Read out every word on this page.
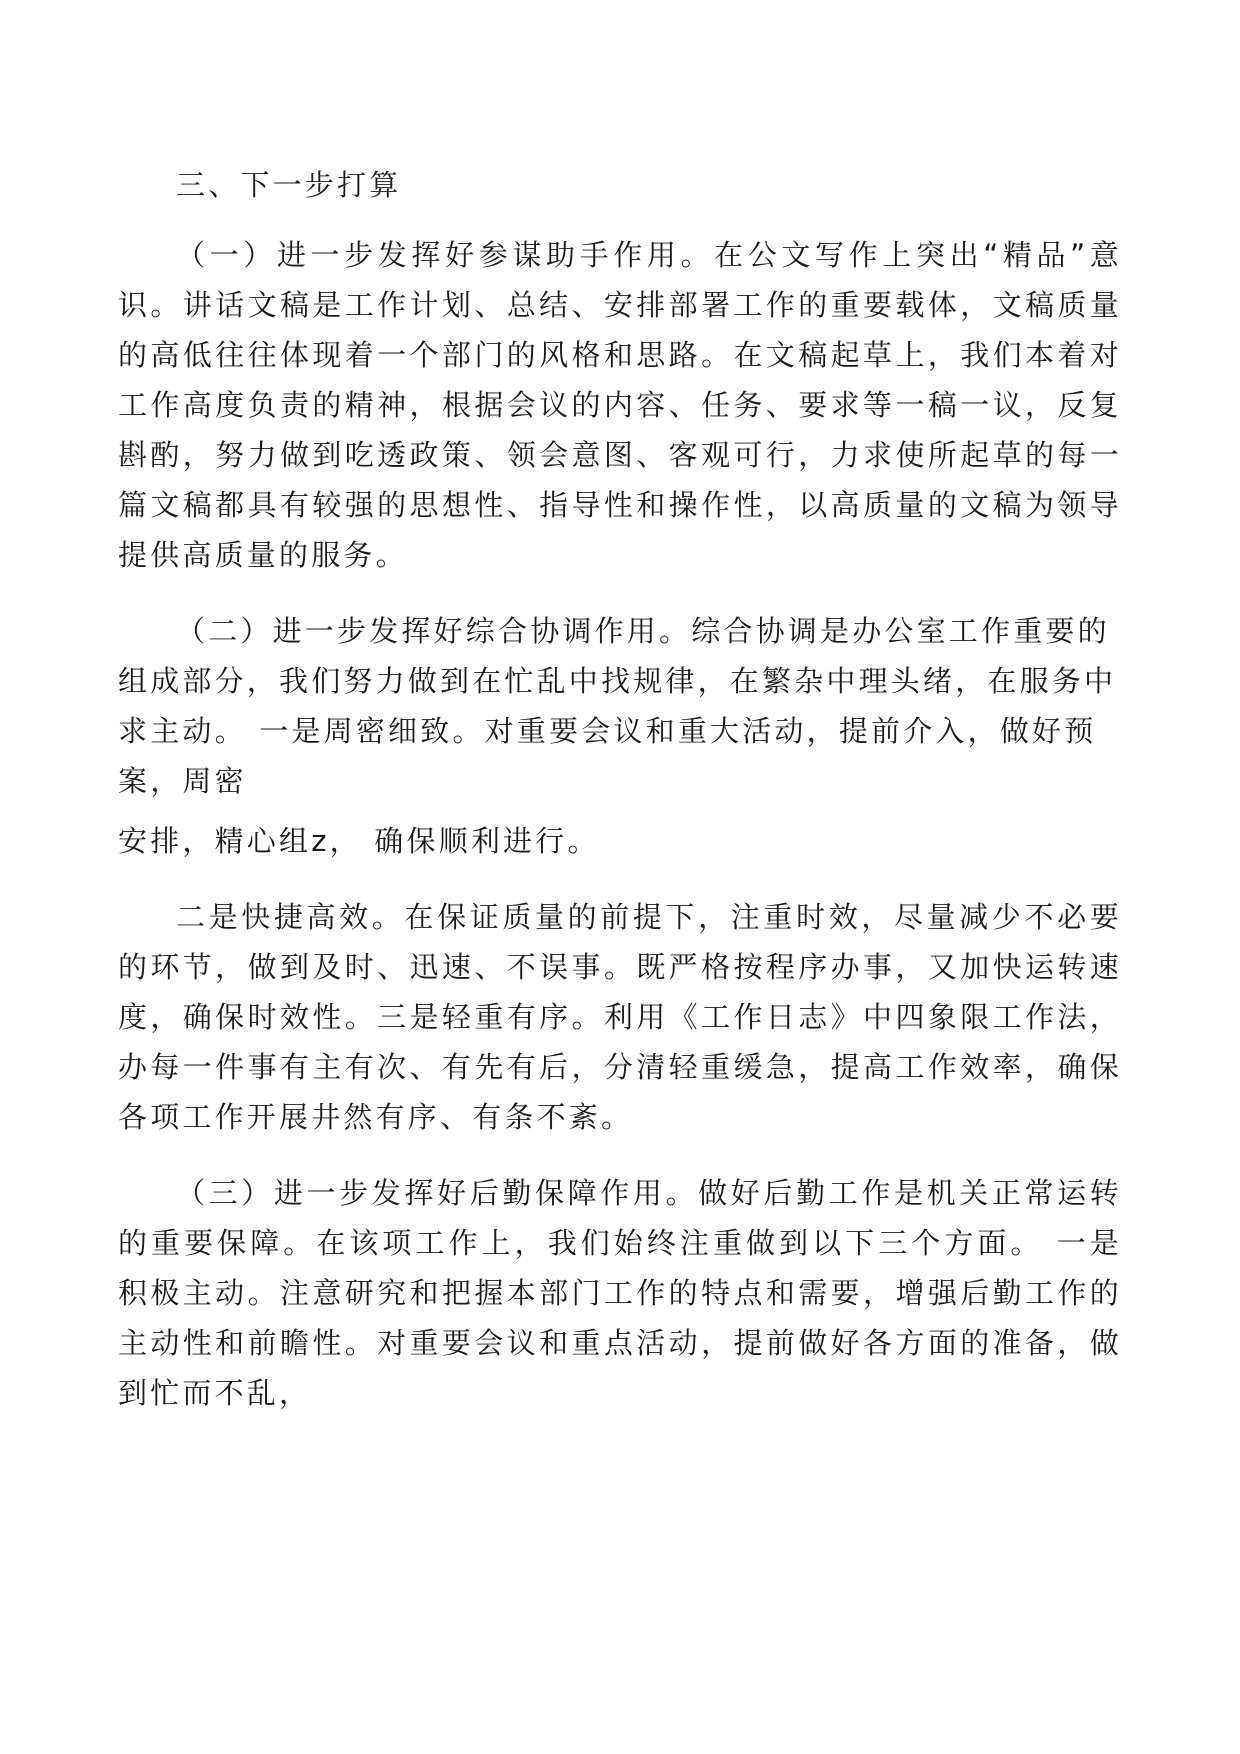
三、下一步打算

（一）进一步发挥好参谋助手作用。在公文写作上突出“精品”意识。讲话文稿是工作计划、总结、安排部署工作的重要载体，文稿质量的高低往往体现着一个部门的风格和思路。在文稿起草上，我们本着对工作高度负责的精神，根据会议的内容、任务、要求等一稿一议，反复斟酌，努力做到吃透政策、领会意图、客观可行，力求使所起草的每一篇文稿都具有较强的思想性、指导性和操作性，以高质量的文稿为领导提供高质量的服务。

（二）进一步发挥好综合协调作用。综合协调是办公室工作重要的组成部分，我们努力做到在忙乱中找规律，在繁杂中理头绪，在服务中求主动。 一是周密细致。对重要会议和重大活动，提前介入，做好预案，周密

安排，精心组z， 确保顺利进行。

二是快捷高效。在保证质量的前提下，注重时效，尽量减少不必要的环节，做到及时、迅速、不误事。既严格按程序办事，又加快运转速度，确保时效性。三是轻重有序。利用《工作日志》中四象限工作法，办每一件事有主有次、有先有后，分清轻重缓急，提高工作效率，确保各项工作开展井然有序、有条不紊。

（三）进一步发挥好后勤保障作用。做好后勤工作是机关正常运转的重要保障。在该项工作上，我们始终注重做到以下三个方面。 一是积极主动。注意研究和把握本部门工作的特点和需要，增强后勤工作的主动性和前瞻性。对重要会议和重点活动，提前做好各方面的准备，做到忙而不乱，
